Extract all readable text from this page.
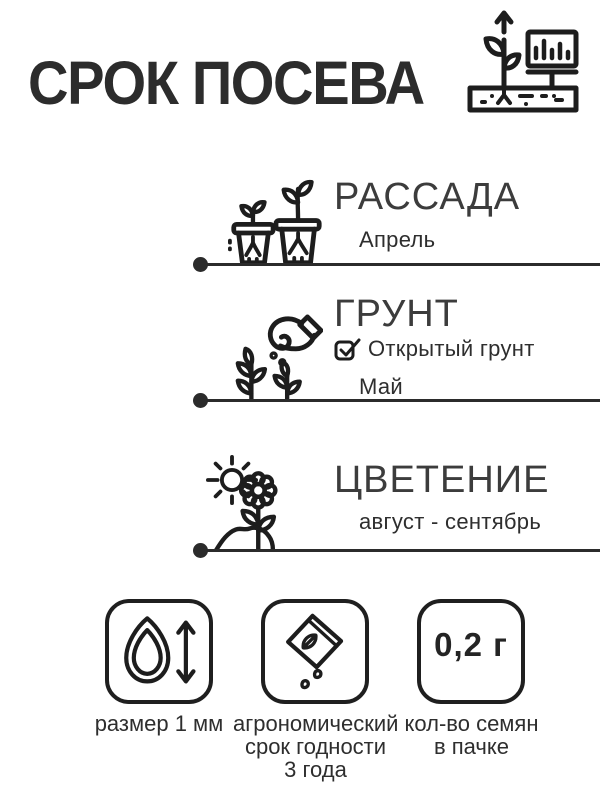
СРОК ПОСЕВА
РАССАДА
Апрель
ГРУНТ
Открытый грунт
Май
ЦВЕТЕНИЕ
август - сентябрь
размер 1 мм агрономический
срок годности
3 года
0,2 г
кол-во семян
в пачке
